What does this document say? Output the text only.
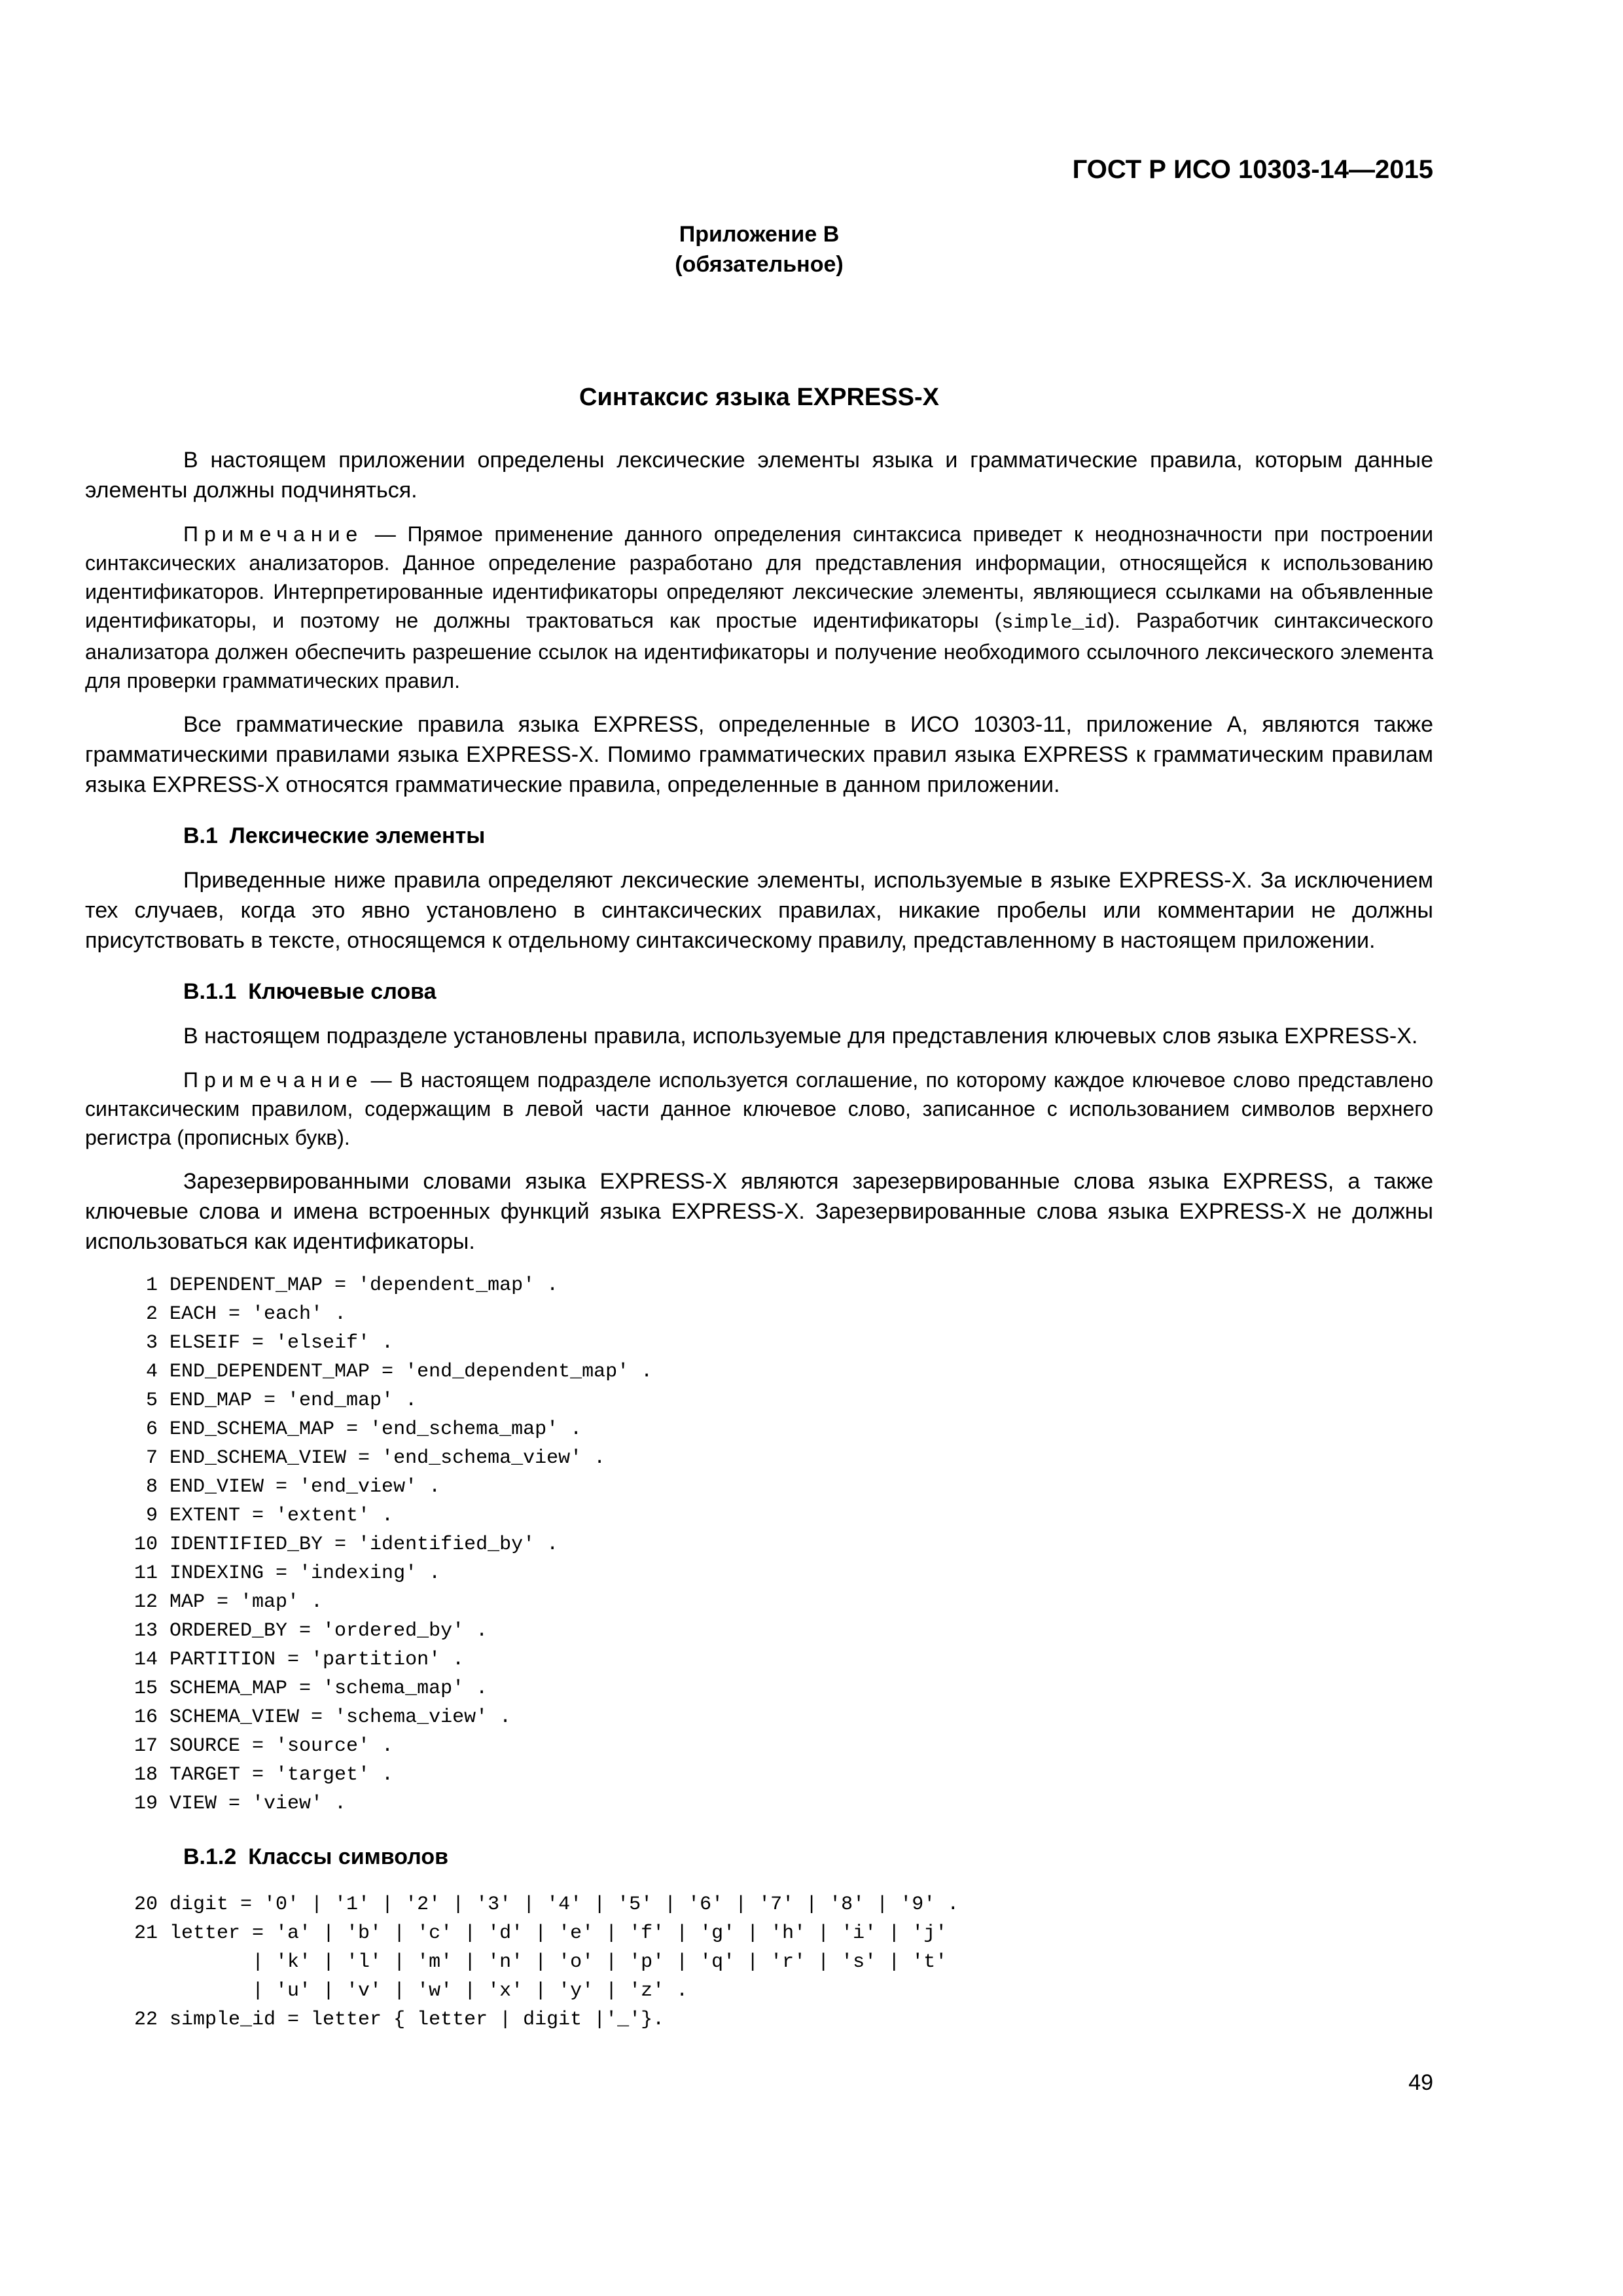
ГОСТ Р ИСО 10303-14—2015
Приложение В
(обязательное)
Синтаксис языка EXPRESS-X

В настоящем приложении определены лексические элементы языка и грамматические правила, которым данные элементы должны подчиняться.

Примечание — Прямое применение данного определения синтаксиса приведет к неоднозначности при построении синтаксических анализаторов. Данное определение разработано для представления информации, относящейся к использованию идентификаторов. Интерпретированные идентификаторы определяют лексические элементы, являющиеся ссылками на объявленные идентификаторы, и поэтому не должны трактоваться как простые идентификаторы (simple_id). Разработчик синтаксического анализатора должен обеспечить разрешение ссылок на идентификаторы и получение необходимого ссылочного лексического элемента для проверки грамматических правил.

Все грамматические правила языка EXPRESS, определенные в ИСО 10303-11, приложение А, являются также грамматическими правилами языка EXPRESS-X. Помимо грамматических правил языка EXPRESS к грамматическим правилам языка EXPRESS-X относятся грамматические правила, определенные в данном приложении.

В.1 Лексические элементы

Приведенные ниже правила определяют лексические элементы, используемые в языке EXPRESS-X. За исключением тех случаев, когда это явно установлено в синтаксических правилах, никакие пробелы или комментарии не должны присутствовать в тексте, относящемся к отдельному синтаксическому правилу, представленному в настоящем приложении.

В.1.1 Ключевые слова

В настоящем подразделе установлены правила, используемые для представления ключевых слов языка EXPRESS-X.

Примечание — В настоящем подразделе используется соглашение, по которому каждое ключевое слово представлено синтаксическим правилом, содержащим в левой части данное ключевое слово, записанное с использованием символов верхнего регистра (прописных букв).

Зарезервированными словами языка EXPRESS-X являются зарезервированные слова языка EXPRESS, а также ключевые слова и имена встроенных функций языка EXPRESS-X. Зарезервированные слова языка EXPRESS-X не должны использоваться как идентификаторы.

1 DEPENDENT_MAP = 'dependent_map' .
2 EACH = 'each' .
3 ELSEIF = 'elseif' .
4 END_DEPENDENT_MAP = 'end_dependent_map' .
5 END_MAP = 'end_map' .
6 END_SCHEMA_MAP = 'end_schema_map' .
7 END_SCHEMA_VIEW = 'end_schema_view' .
8 END_VIEW = 'end_view' .
9 EXTENT = 'extent' .
10 IDENTIFIED_BY = 'identified_by' .
11 INDEXING = 'indexing' .
12 MAP = 'map' .
13 ORDERED_BY = 'ordered_by' .
14 PARTITION = 'partition' .
15 SCHEMA_MAP = 'schema_map' .
16 SCHEMA_VIEW = 'schema_view' .
17 SOURCE = 'source' .
18 TARGET = 'target' .
19 VIEW = 'view' .
В.1.2 Классы символов
20 digit = '0' | '1' | '2' | '3' | '4' | '5' | '6' | '7' | '8' | '9' .
21 letter = 'a' | 'b' | 'c' | 'd' | 'e' | 'f' | 'g' | 'h' | 'i' | 'j'
| 'k' | 'l' | 'm' | 'n' | 'o' | 'p' | 'q' | 'r' | 's' | 't'
| 'u' | 'v' | 'w' | 'x' | 'y' | 'z' .
22 simple_id = letter { letter | digit |'_'}.
49
